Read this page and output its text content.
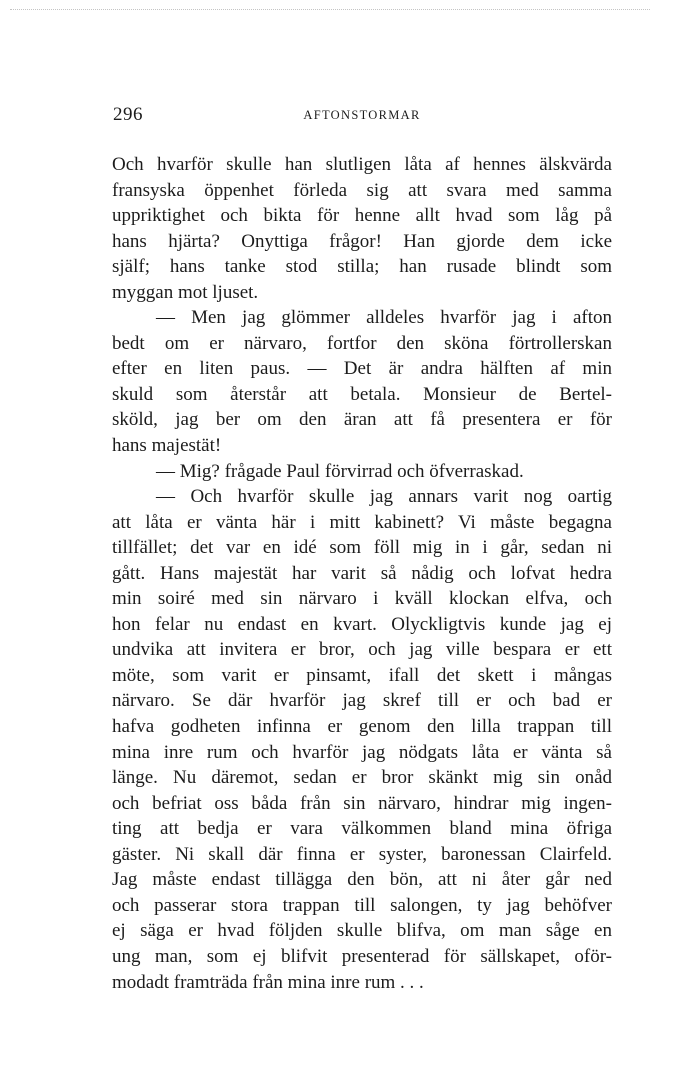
296	AFTONSTORMAR
Och hvarför skulle han slutligen låta af hennes älskvärda
fransyska öppenhet förleda sig att svara med samma
uppriktighet och bikta för henne allt hvad som låg på
hans hjärta? Onyttiga frågor! Han gjorde dem icke
själf; hans tanke stod stilla; han rusade blindt som
myggan mot ljuset.
— Men jag glömmer alldeles hvarför jag i afton
bedt om er närvaro, fortfor den sköna förtrollerskan
efter en liten paus. — Det är andra hälften af min
skuld som återstår att betala. Monsieur de Bertel-
sköld, jag ber om den äran att få presentera er för
hans majestät!
— Mig? frågade Paul förvirrad och öfverraskad.
— Och hvarför skulle jag annars varit nog oartig
att låta er vänta här i mitt kabinett? Vi måste begagna
tillfället; det var en idé som föll mig in i går, sedan ni
gått. Hans majestät har varit så nådig och lofvat hedra
min soiré med sin närvaro i kväll klockan elfva, och
hon felar nu endast en kvart. Olyckligtvis kunde jag ej
undvika att invitera er bror, och jag ville bespara er ett
möte, som varit er pinsamt, ifall det skett i mångas
närvaro. Se där hvarför jag skref till er och bad er
hafva godheten infinna er genom den lilla trappan till
mina inre rum och hvarför jag nödgats låta er vänta så
länge. Nu däremot, sedan er bror skänkt mig sin onåd
och befriat oss båda från sin närvaro, hindrar mig ingen-
ting att bedja er vara välkommen bland mina öfriga
gäster. Ni skall där finna er syster, baronessan Clairfeld.
Jag måste endast tillägga den bön, att ni åter går ned
och passerar stora trappan till salongen, ty jag behöfver
ej säga er hvad följden skulle blifva, om man såge en
ung man, som ej blifvit presenterad för sällskapet, oför-
modadt framträda från mina inre rum . . .
